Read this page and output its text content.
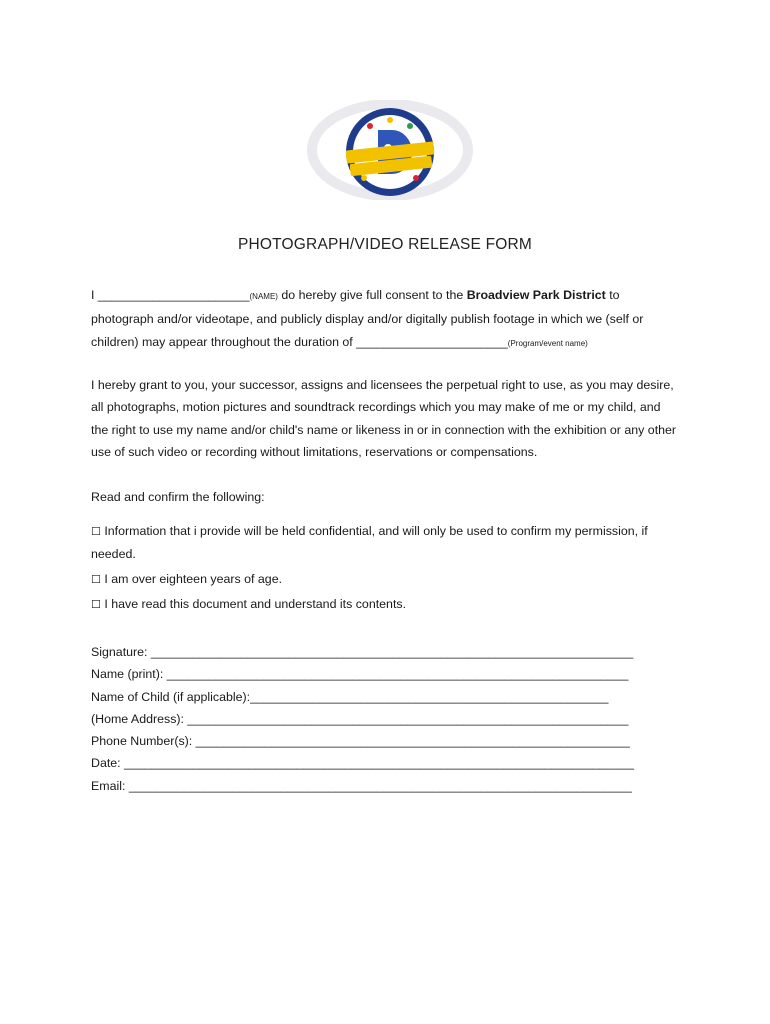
PHOTOGRAPH/VIDEO RELEASE FORM
I ______________________(NAME) do hereby give full consent to the Broadview Park District to photograph and/or videotape, and publicly display and/or digitally publish footage in which we (self or children) may appear throughout the duration of ______________________(Program/event name)
I hereby grant to you, your successor, assigns and licensees the perpetual right to use, as you may desire, all photographs, motion pictures and soundtrack recordings which you may make of me or my child, and the right to use my name and/or child's name or likeness in or in connection with the exhibition or any other use of such video or recording without limitations, reservations or compensations.
Read and confirm the following:
☐ Information that i provide will be held confidential, and will only be used to confirm my permission, if needed.
☐ I am over eighteen years of age.
☐ I have read this document and understand its contents.
Signature: ______________________________________________________________________
Name (print): ___________________________________________________________________
Name of Child (if applicable):____________________________________________________
(Home Address): ________________________________________________________________
Phone Number(s): _______________________________________________________________
Date: __________________________________________________________________________
Email: _________________________________________________________________________
